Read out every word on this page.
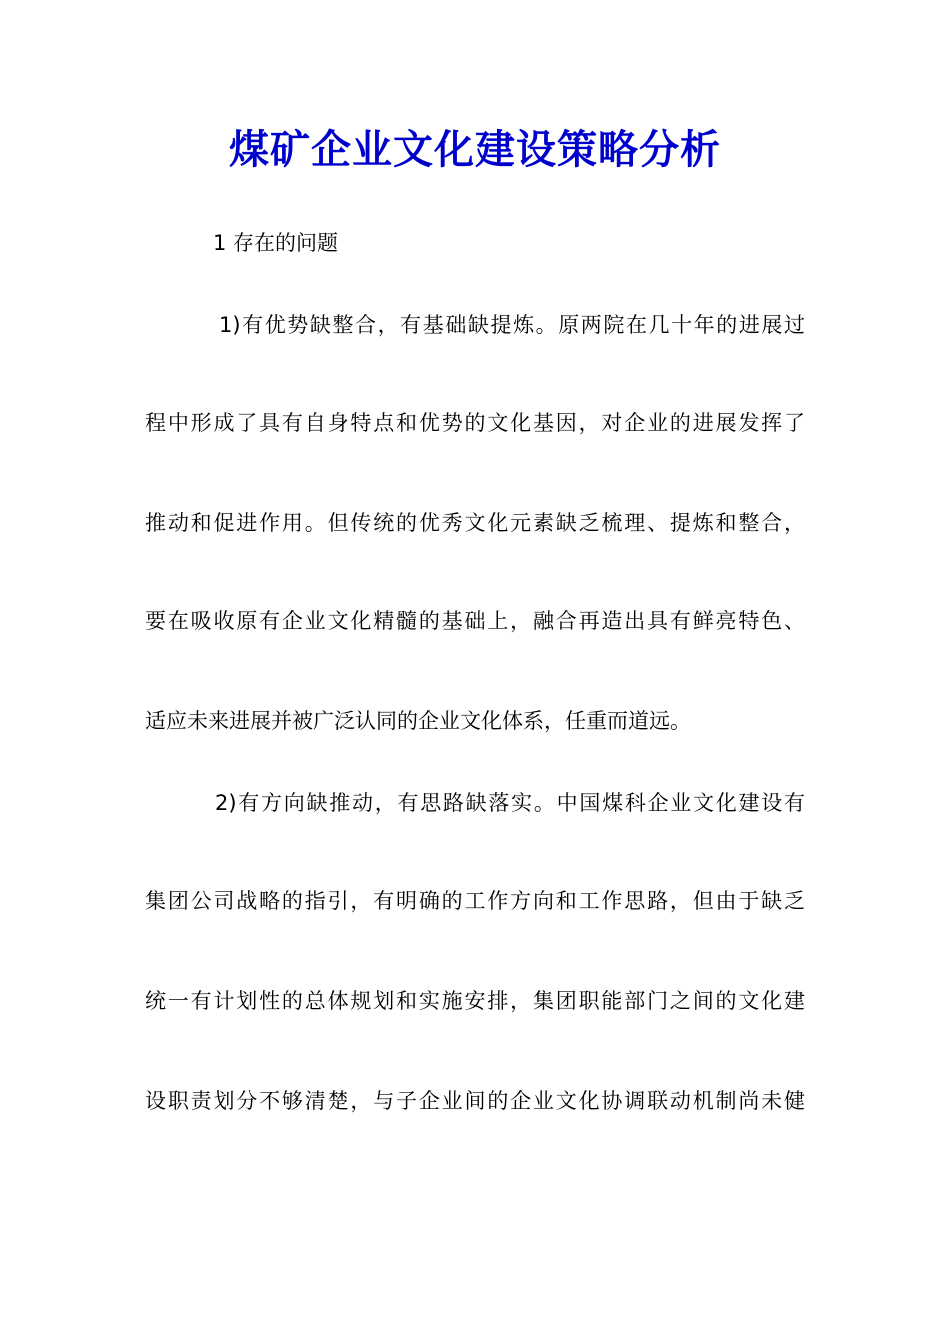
煤矿企业文化建设策略分析

1 存在的问题

1)有优势缺整合，有基础缺提炼。原两院在几十年的进展过

程中形成了具有自身特点和优势的文化基因，对企业的进展发挥了

推动和促进作用。但传统的优秀文化元素缺乏梳理、提炼和整合，

要在吸收原有企业文化精髓的基础上，融合再造出具有鲜亮特色、

适应未来进展并被广泛认同的企业文化体系，任重而道远。

2)有方向缺推动，有思路缺落实。中国煤科企业文化建设有

集团公司战略的指引，有明确的工作方向和工作思路，但由于缺乏

统一有计划性的总体规划和实施安排，集团职能部门之间的文化建

设职责划分不够清楚，与子企业间的企业文化协调联动机制尚未健
